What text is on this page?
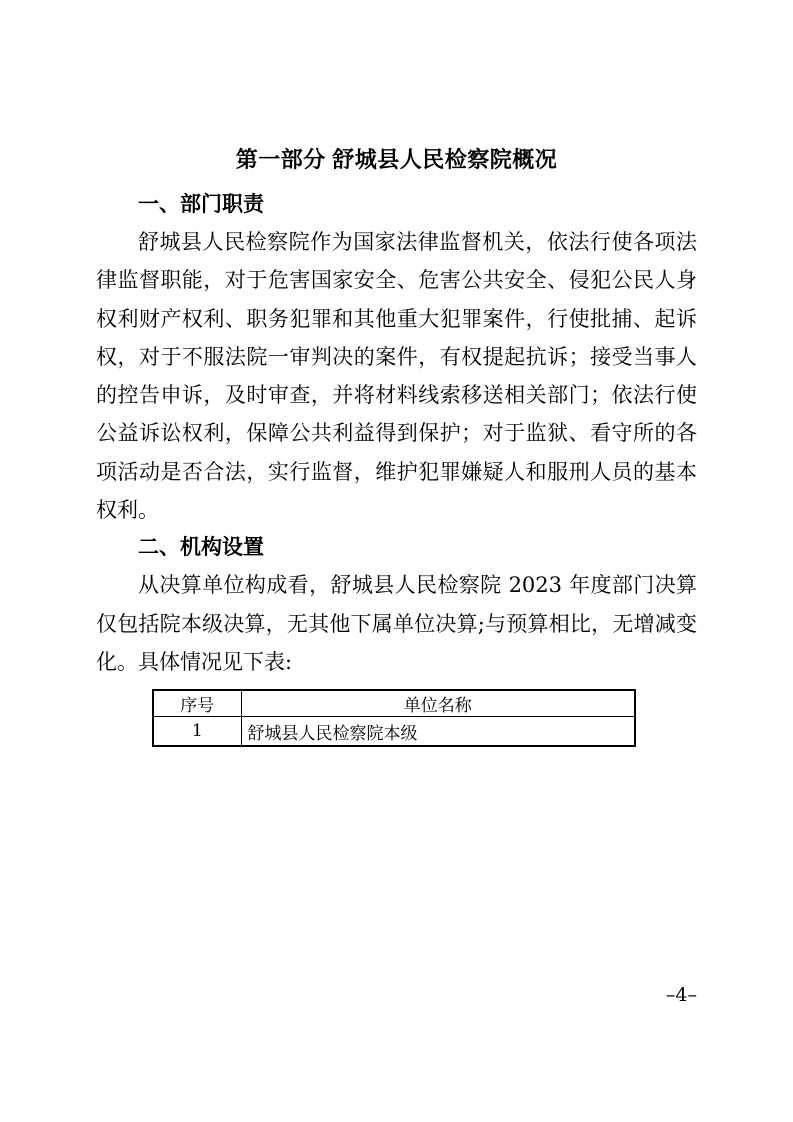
第一部分 舒城县人民检察院概况
一、部门职责

舒城县人民检察院作为国家法律监督机关，依法行使各项法律监督职能，对于危害国家安全、危害公共安全、侵犯公民人身权利财产权利、职务犯罪和其他重大犯罪案件，行使批捕、起诉权，对于不服法院一审判决的案件，有权提起抗诉；接受当事人的控告申诉，及时审查，并将材料线索移送相关部门；依法行使公益诉讼权利，保障公共利益得到保护；对于监狱、看守所的各项活动是否合法，实行监督，维护犯罪嫌疑人和服刑人员的基本权利。

二、机构设置

从决算单位构成看，舒城县人民检察院 2023 年度部门决算仅包括院本级决算，无其他下属单位决算;与预算相比，无增减变化。具体情况见下表:

序号	单位名称
1	舒城县人民检察院本级
–4–
